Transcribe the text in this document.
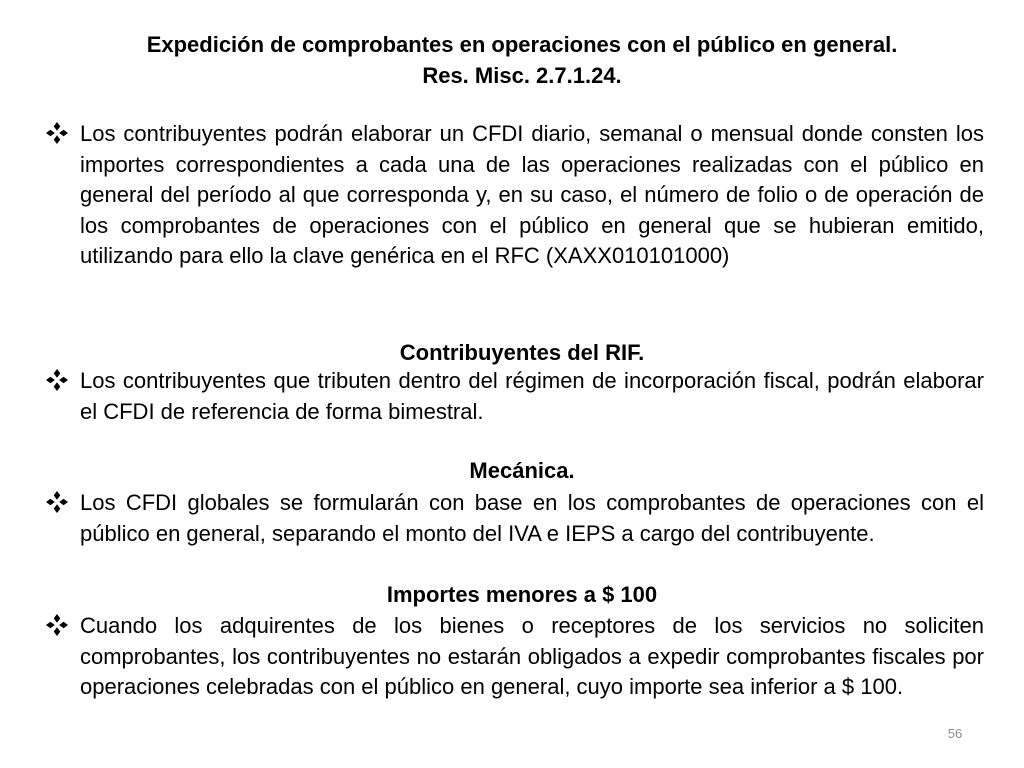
Expedición de comprobantes en operaciones con el público en general.
Res. Misc. 2.7.1.24.
Los contribuyentes podrán elaborar un CFDI diario, semanal o mensual donde consten los importes correspondientes a cada una de las operaciones realizadas con el público en general del período al que corresponda y, en su caso, el número de folio o de operación de los comprobantes de operaciones con el público en general que se hubieran emitido, utilizando para ello la clave genérica en el RFC (XAXX010101000)
Contribuyentes del RIF.
Los contribuyentes que tributen dentro del régimen de incorporación fiscal, podrán elaborar el CFDI de referencia de forma bimestral.
Mecánica.
Los CFDI globales se formularán con base en los comprobantes de operaciones con el público en general, separando el monto del IVA e IEPS a cargo del contribuyente.
Importes menores a $ 100
Cuando los adquirentes de los bienes o receptores de los servicios no soliciten comprobantes, los contribuyentes no estarán obligados a expedir comprobantes fiscales por operaciones celebradas con el público en general, cuyo importe sea inferior a $ 100.
56
